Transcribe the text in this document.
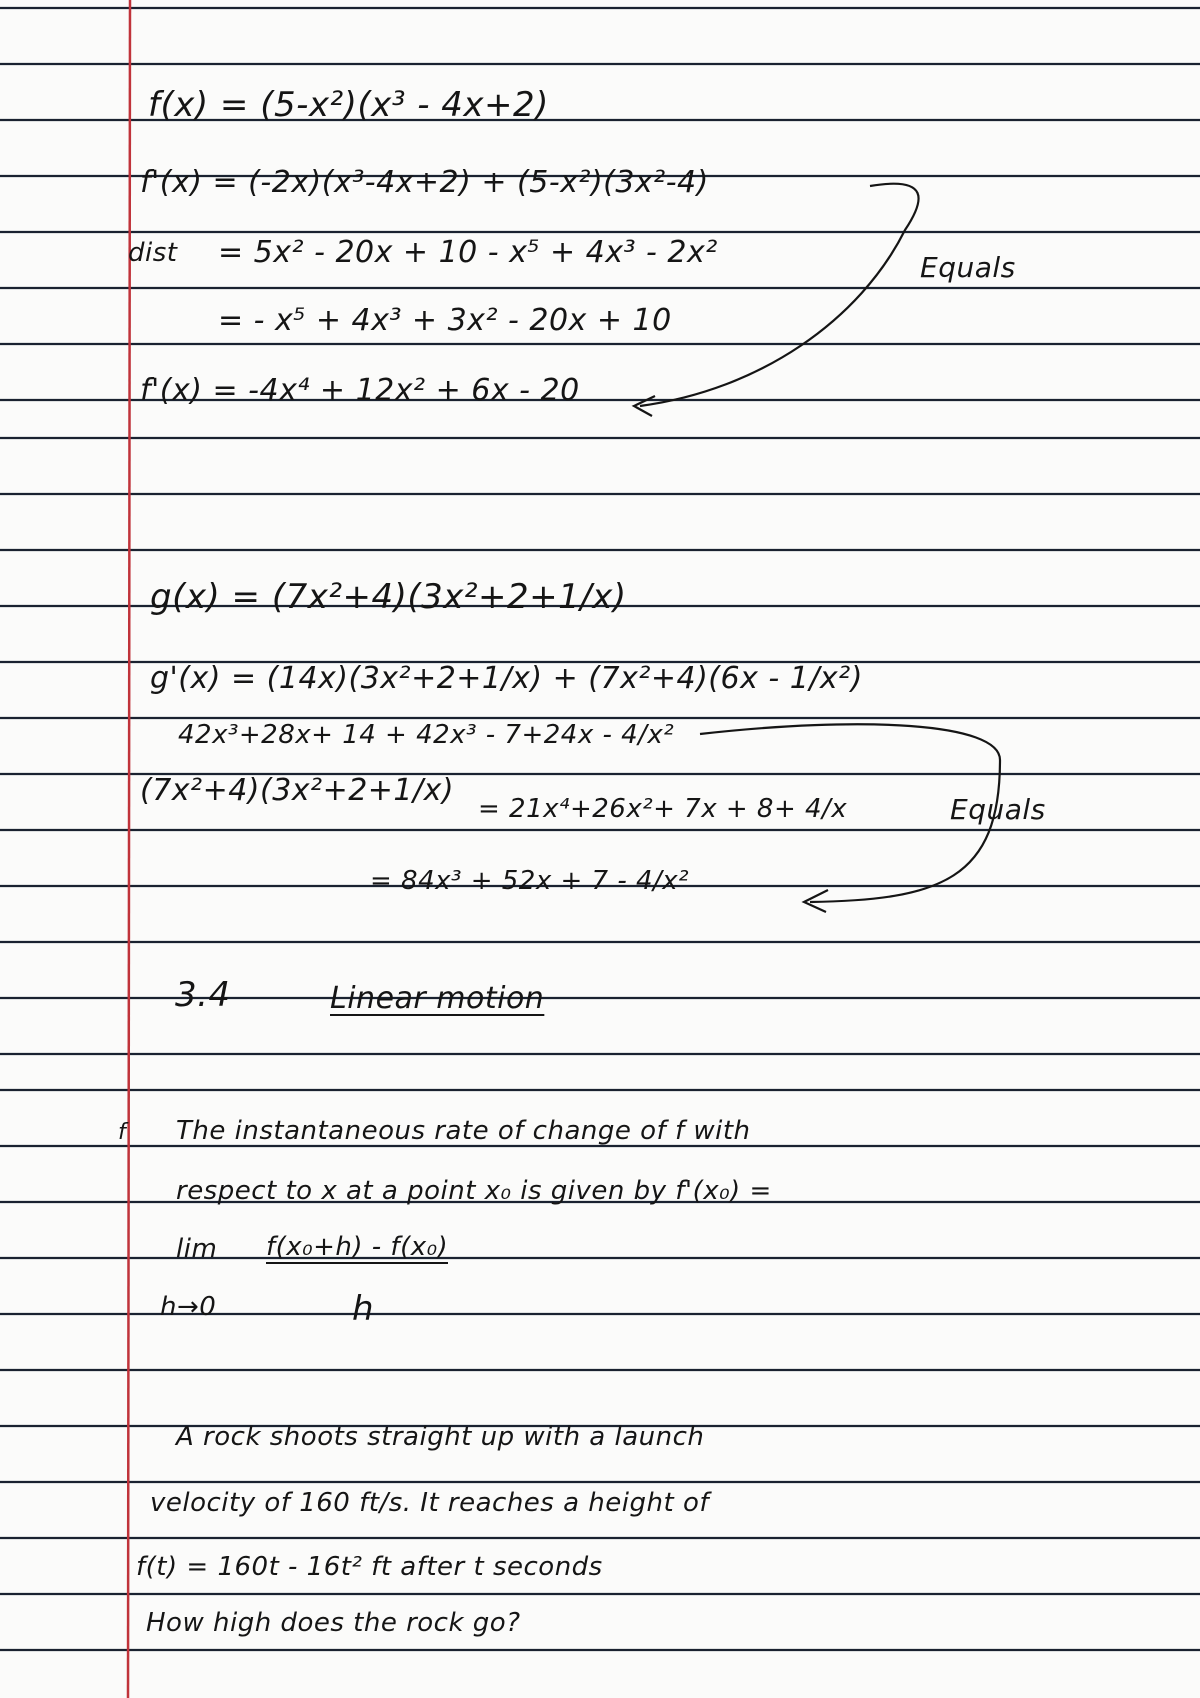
f(x) = (5-x²)(x³ - 4x+2)
f'(x) = (-2x)(x³-4x+2) + (5-x²)(3x²-4)
dist = 5x² - 20x + 10 - x⁵ + 4x³ - 2x²
= - x⁵ + 4x³ + 3x² - 20x + 10
f'(x) = -4x⁴ + 12x² + 6x - 20
Equals
g(x) = (7x²+4)(3x²+2+1/x)
g'(x) = (14x)(3x²+2+1/x) + (7x²+4)(6x - 1/x²)
42x³+28x+ 14 + 42x³ - 7+24x - 4/x²
(7x²+4)(3x²+2+1/x)
= 21x⁴+26x²+ 7x + 8+ 4/x
= 84x³ + 52x + 7 - 4/x²
Equals
3.4	Linear motion
f The instantaneous rate of change of f with
respect to x at a point x₀ is given by f'(x₀) =
lim f(x₀+h) - f(x₀)
h→0	h
A rock shoots straight up with a launch
velocity of 160 ft/s. It reaches a height of
f(t) = 160t - 16t² ft after t seconds
How high does the rock go?
